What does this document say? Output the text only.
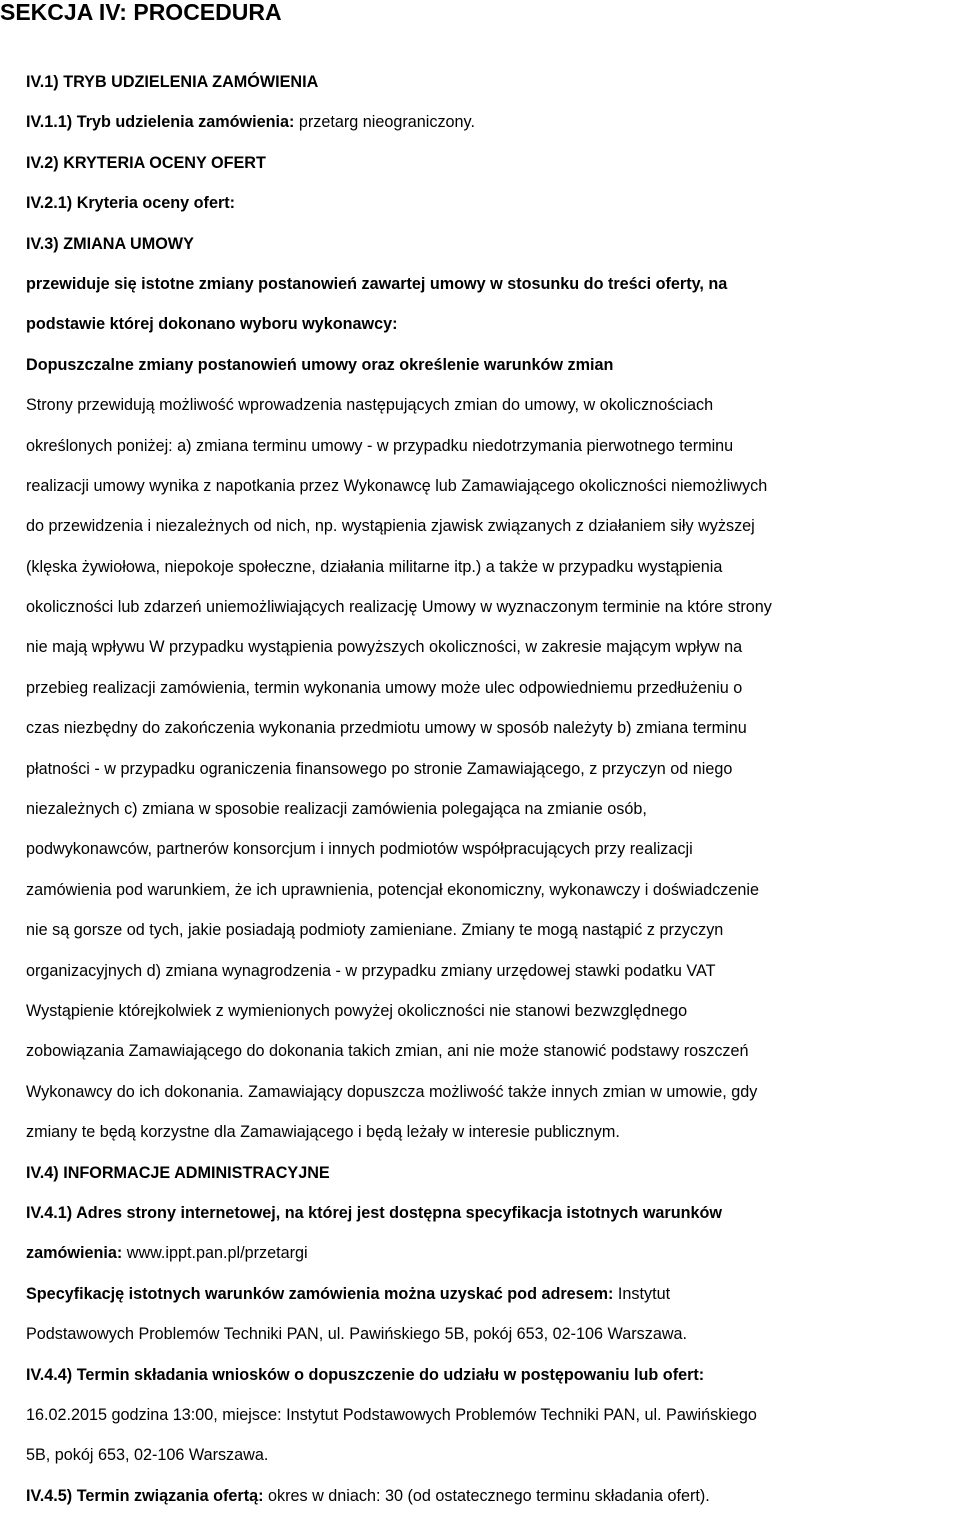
SEKCJA IV: PROCEDURA
IV.1) TRYB UDZIELENIA ZAMÓWIENIA
IV.1.1) Tryb udzielenia zamówienia: przetarg nieograniczony.
IV.2) KRYTERIA OCENY OFERT
IV.2.1) Kryteria oceny ofert:
IV.3) ZMIANA UMOWY
przewiduje się istotne zmiany postanowień zawartej umowy w stosunku do treści oferty, na
podstawie której dokonano wyboru wykonawcy:
Dopuszczalne zmiany postanowień umowy oraz określenie warunków zmian
Strony przewidują możliwość wprowadzenia następujących zmian do umowy, w okolicznościach
określonych poniżej: a) zmiana terminu umowy - w przypadku niedotrzymania pierwotnego terminu
realizacji umowy wynika z napotkania przez Wykonawcę lub Zamawiającego okoliczności niemożliwych
do przewidzenia i niezależnych od nich, np. wystąpienia zjawisk związanych z działaniem siły wyższej
(klęska żywiołowa, niepokoje społeczne, działania militarne itp.) a także w przypadku wystąpienia
okoliczności lub zdarzeń uniemożliwiających realizację Umowy w wyznaczonym terminie na które strony
nie mają wpływu W przypadku wystąpienia powyższych okoliczności, w zakresie mającym wpływ na
przebieg realizacji zamówienia, termin wykonania umowy może ulec odpowiedniemu przedłużeniu o
czas niezbędny do zakończenia wykonania przedmiotu umowy w sposób należyty b) zmiana terminu
płatności - w przypadku ograniczenia finansowego po stronie Zamawiającego, z przyczyn od niego
niezależnych c) zmiana w sposobie realizacji zamówienia polegająca na zmianie osób,
podwykonawców, partnerów konsorcjum i innych podmiotów współpracujących przy realizacji
zamówienia pod warunkiem, że ich uprawnienia, potencjał ekonomiczny, wykonawczy i doświadczenie
nie są gorsze od tych, jakie posiadają podmioty zamieniane. Zmiany te mogą nastąpić z przyczyn
organizacyjnych d) zmiana wynagrodzenia - w przypadku zmiany urzędowej stawki podatku VAT
Wystąpienie którejkolwiek z wymienionych powyżej okoliczności nie stanowi bezwzględnego
zobowiązania Zamawiającego do dokonania takich zmian, ani nie może stanowić podstawy roszczeń
Wykonawcy do ich dokonania. Zamawiający dopuszcza możliwość także innych zmian w umowie, gdy
zmiany te będą korzystne dla Zamawiającego i będą leżały w interesie publicznym.
IV.4) INFORMACJE ADMINISTRACYJNE
IV.4.1) Adres strony internetowej, na której jest dostępna specyfikacja istotnych warunków
zamówienia: www.ippt.pan.pl/przetargi
Specyfikację istotnych warunków zamówienia można uzyskać pod adresem: Instytut
Podstawowych Problemów Techniki PAN, ul. Pawińskiego 5B, pokój 653, 02-106 Warszawa.
IV.4.4) Termin składania wniosków o dopuszczenie do udziału w postępowaniu lub ofert:
16.02.2015 godzina 13:00, miejsce: Instytut Podstawowych Problemów Techniki PAN, ul. Pawińskiego
5B, pokój 653, 02-106 Warszawa.
IV.4.5) Termin związania ofertą: okres w dniach: 30 (od ostatecznego terminu składania ofert).
